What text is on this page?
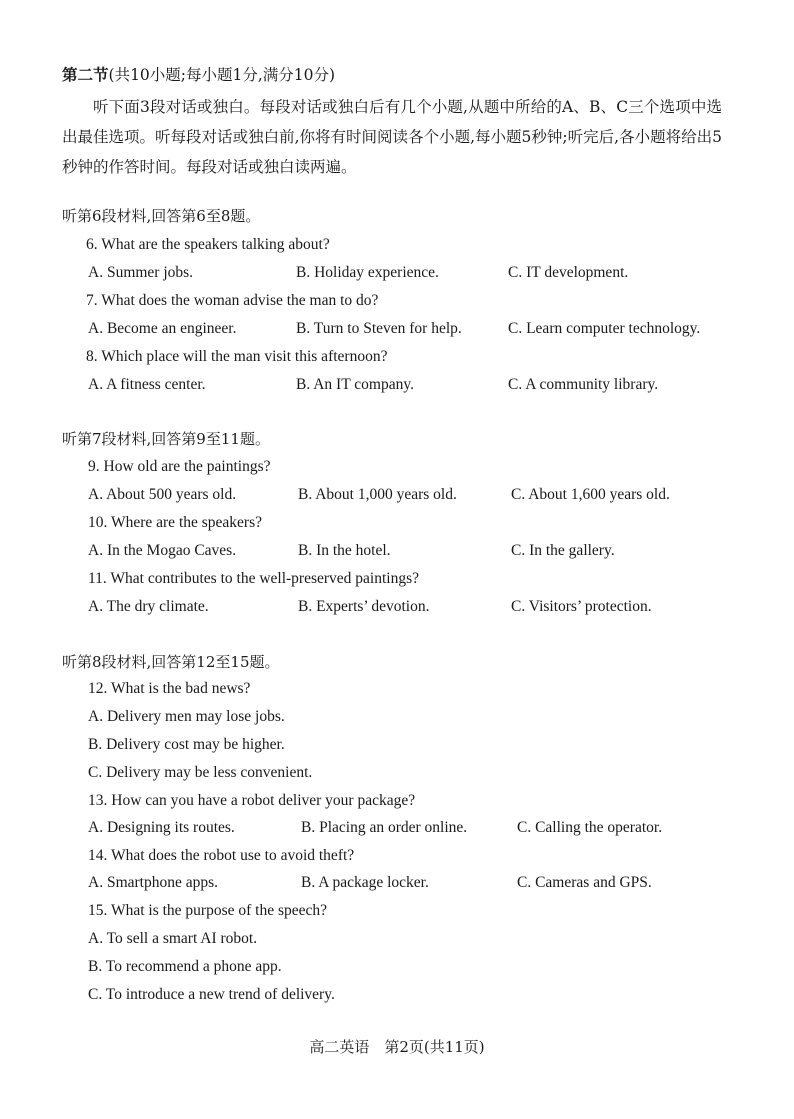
第二节(共10小题;每小题1分,满分10分)
听下面3段对话或独白。每段对话或独白后有几个小题,从题中所给的A、B、C三个选项中选出最佳选项。听每段对话或独白前,你将有时间阅读各个小题,每小题5秒钟;听完后,各小题将给出5秒钟的作答时间。每段对话或独白读两遍。
听第6段材料,回答第6至8题。
6. What are the speakers talking about?
A. Summer jobs.	B. Holiday experience.	C. IT development.
7. What does the woman advise the man to do?
A. Become an engineer.	B. Turn to Steven for help.	C. Learn computer technology.
8. Which place will the man visit this afternoon?
A. A fitness center.	B. An IT company.	C. A community library.
听第7段材料,回答第9至11题。
9. How old are the paintings?
A. About 500 years old.	B. About 1,000 years old.	C. About 1,600 years old.
10. Where are the speakers?
A. In the Mogao Caves.	B. In the hotel.	C. In the gallery.
11. What contributes to the well-preserved paintings?
A. The dry climate.	B. Experts’ devotion.	C. Visitors’ protection.
听第8段材料,回答第12至15题。
12. What is the bad news?
A. Delivery men may lose jobs.
B. Delivery cost may be higher.
C. Delivery may be less convenient.
13. How can you have a robot deliver your package?
A. Designing its routes.	B. Placing an order online.	C. Calling the operator.
14. What does the robot use to avoid theft?
A. Smartphone apps.	B. A package locker.	C. Cameras and GPS.
15. What is the purpose of the speech?
A. To sell a smart AI robot.
B. To recommend a phone app.
C. To introduce a new trend of delivery.
高二英语　第2页(共11页)
